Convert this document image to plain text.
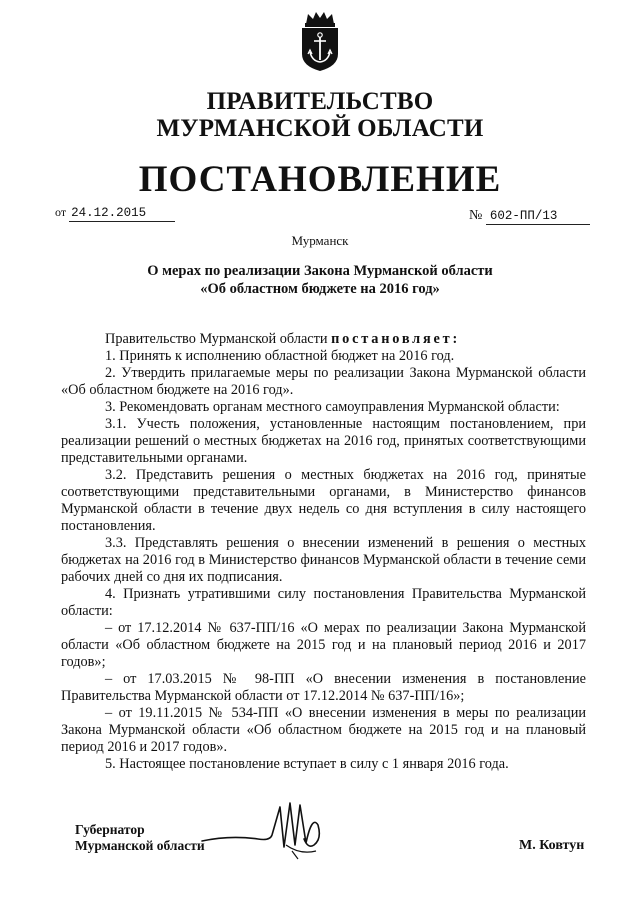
ПРАВИТЕЛЬСТВО
МУРМАНСКОЙ ОБЛАСТИ
ПОСТАНОВЛЕНИЕ
от 24.12.2015	№ 602-ПП/13
Мурманск
О мерах по реализации Закона Мурманской области
«Об областном бюджете на 2016 год»

Правительство Мурманской области постановляет:

1. Принять к исполнению областной бюджет на 2016 год.

2. Утвердить прилагаемые меры по реализации Закона Мурманской области «Об областном бюджете на 2016 год».

3. Рекомендовать органам местного самоуправления Мурманской области:

3.1. Учесть положения, установленные настоящим постановлением, при реализации решений о местных бюджетах на 2016 год, принятых соответствующими представительными органами.

3.2. Представить решения о местных бюджетах на 2016 год, принятые соответствующими представительными органами, в Министерство финансов Мурманской области в течение двух недель со дня вступления в силу настоящего постановления.

3.3. Представлять решения о внесении изменений в решения о местных бюджетах на 2016 год в Министерство финансов Мурманской области в течение семи рабочих дней со дня их подписания.

4. Признать утратившими силу постановления Правительства Мурманской области:

– от 17.12.2014 № 637-ПП/16 «О мерах по реализации Закона Мурманской области «Об областном бюджете на 2015 год и на плановый период 2016 и 2017 годов»;

– от 17.03.2015 № 98-ПП «О внесении изменения в постановление Правительства Мурманской области от 17.12.2014 № 637-ПП/16»;

– от 19.11.2015 № 534-ПП «О внесении изменения в меры по реализации Закона Мурманской области «Об областном бюджете на 2015 год и на плановый период 2016 и 2017 годов».

5. Настоящее постановление вступает в силу с 1 января 2016 года.

Губернатор
Мурманской области	М. Ковтун
